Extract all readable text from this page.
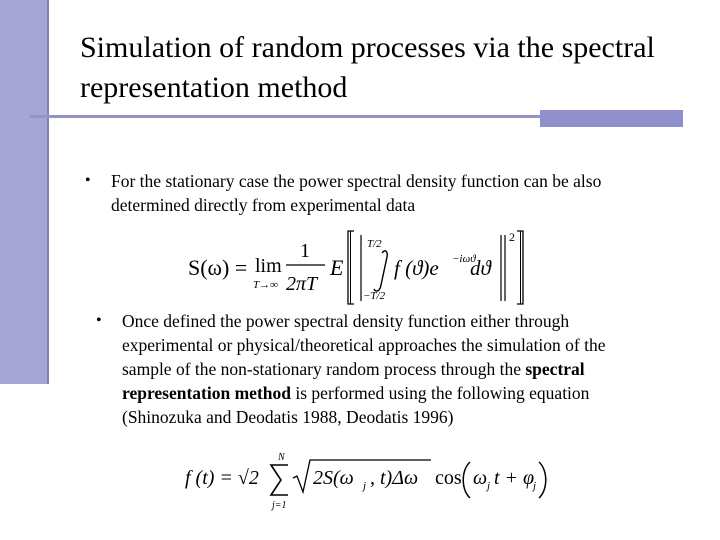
Simulation of random processes via the spectral
representation method
• For the stationary case the power spectral density function can be also
determined directly from experimental data
S(ω) = lim
T→∞
1
2πT
E
2
T/2
−T/2
f (ϑ)e −iωϑ
dϑ
• Once defined the power spectral density function either through
experimental or physical/theoretical approaches the simulation of the
sample of the non-stationary random process through the spectral
representation method is performed using the following equation
(Shinozuka and Deodatis 1988, Deodatis 1996)
f (t) = √2
N
j=1
2S(ω j , t)Δω cos ω j t + φ
j
